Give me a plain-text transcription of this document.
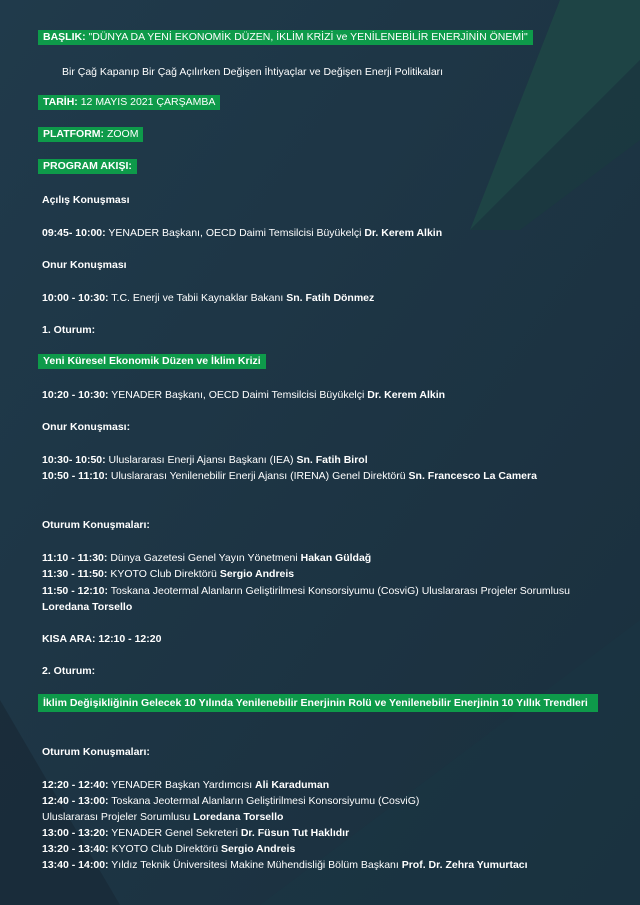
BAŞLIK: "DÜNYA DA YENİ EKONOMİK DÜZEN, İKLİM KRİZİ ve YENİLENEBİLİR ENERJİNİN ÖNEMİ"
Bir Çağ Kapanıp Bir Çağ Açılırken Değişen İhtiyaçlar ve Değişen Enerji Politikaları
TARİH: 12 MAYIS 2021 ÇARŞAMBA
PLATFORM: ZOOM
PROGRAM AKIŞI:
Açılış Konuşması
09:45- 10:00: YENADER Başkanı, OECD Daimi Temsilcisi Büyükelçi Dr. Kerem Alkin
Onur Konuşması
10:00 - 10:30: T.C. Enerji ve Tabii Kaynaklar Bakanı Sn. Fatih Dönmez
1. Oturum:
Yeni Küresel Ekonomik Düzen ve İklim Krizi
10:20 - 10:30: YENADER Başkanı, OECD Daimi Temsilcisi Büyükelçi Dr. Kerem Alkin
Onur Konuşması:
10:30- 10:50: Uluslararası Enerji Ajansı Başkanı (IEA) Sn. Fatih Birol
10:50 - 11:10: Uluslararası Yenilenebilir Enerji Ajansı (IRENA) Genel Direktörü Sn. Francesco La Camera
Oturum Konuşmaları:
11:10 - 11:30: Dünya Gazetesi Genel Yayın Yönetmeni Hakan Güldağ
11:30 - 11:50: KYOTO Club Direktörü Sergio Andreis
11:50 - 12:10: Toskana Jeotermal Alanların Geliştirilmesi Konsorsiyumu (CosviG) Uluslararası Projeler Sorumlusu Loredana Torsello
KISA ARA: 12:10 - 12:20
2. Oturum:
İklim Değişikliğinin Gelecek 10 Yılında Yenilenebilir Enerjinin Rolü ve Yenilenebilir Enerjinin 10 Yıllık Trendleri
Oturum Konuşmaları:
12:20 - 12:40: YENADER Başkan Yardımcısı Ali Karaduman
12:40 - 13:00: Toskana Jeotermal Alanların Geliştirilmesi Konsorsiyumu (CosviG)
Uluslararası Projeler Sorumlusu Loredana Torsello
13:00 - 13:20: YENADER Genel Sekreteri Dr. Füsun Tut Haklıdır
13:20 - 13:40: KYOTO Club Direktörü Sergio Andreis
13:40 - 14:00: Yıldız Teknik Üniversitesi Makine Mühendisliği Bölüm Başkanı Prof. Dr. Zehra Yumurtacı
